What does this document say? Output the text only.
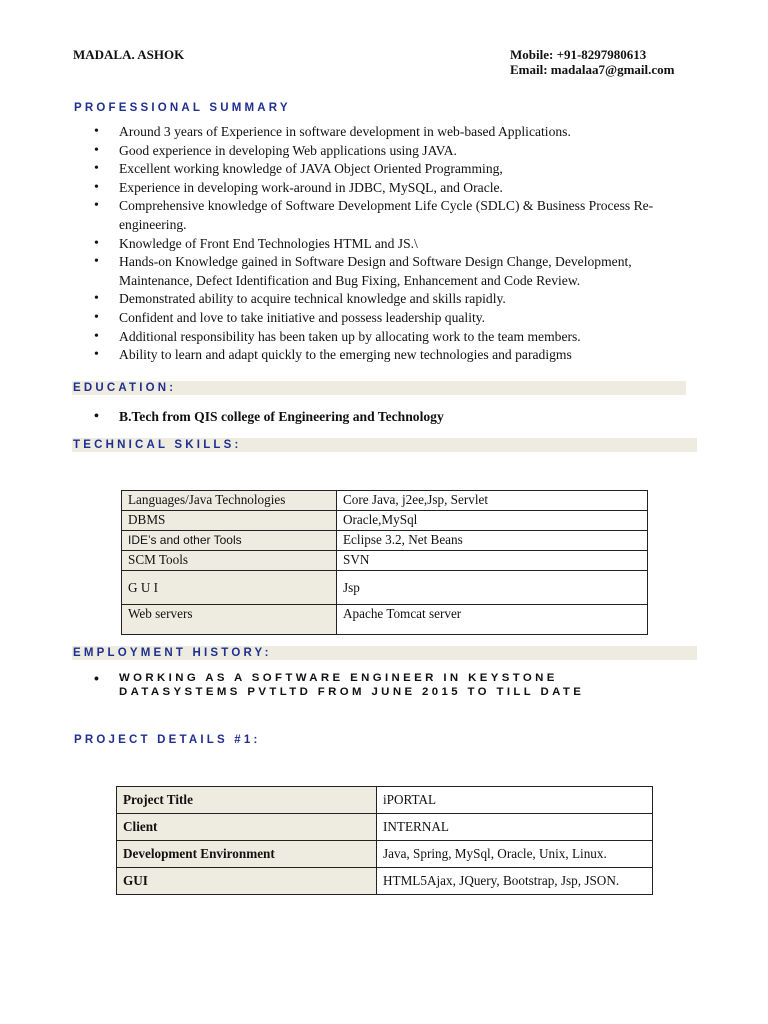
MADALA. ASHOK	Mobile: +91-8297980613
Email: madalaa7@gmail.com
PROFESSIONAL SUMMARY
• Around 3 years of Experience in software development in web-based Applications.
• Good experience in developing Web applications using JAVA.
• Excellent working knowledge of JAVA Object Oriented Programming,
• Experience in developing work-around in JDBC, MySQL, and Oracle.
• Comprehensive knowledge of Software Development Life Cycle (SDLC) & Business Process Re-engineering.
• Knowledge of Front End Technologies HTML and JS.\
• Hands-on Knowledge gained in Software Design and Software Design Change, Development, Maintenance, Defect Identification and Bug Fixing, Enhancement and Code Review.
• Demonstrated ability to acquire technical knowledge and skills rapidly.
• Confident and love to take initiative and possess leadership quality.
• Additional responsibility has been taken up by allocating work to the team members.
• Ability to learn and adapt quickly to the emerging new technologies and paradigms
EDUCATION:
• B.Tech from QIS college of Engineering and Technology
TECHNICAL SKILLS:
Languages/Java Technologies	Core Java, j2ee,Jsp, Servlet
DBMS	Oracle,MySql
IDE’s and other Tools	Eclipse 3.2, Net Beans
SCM Tools	SVN
G U I	Jsp
Web servers	Apache Tomcat server
EMPLOYMENT HISTORY:
• WORKING AS A SOFTWARE ENGINEER IN KEYSTONE DATASYSTEMS PVTLTD FROM JUNE 2015 TO TILL DATE
PROJECT DETAILS #1:
Project Title	iPORTAL
Client	INTERNAL
Development Environment	Java, Spring, MySql, Oracle, Unix, Linux.
GUI	HTML5Ajax, JQuery, Bootstrap, Jsp, JSON.
